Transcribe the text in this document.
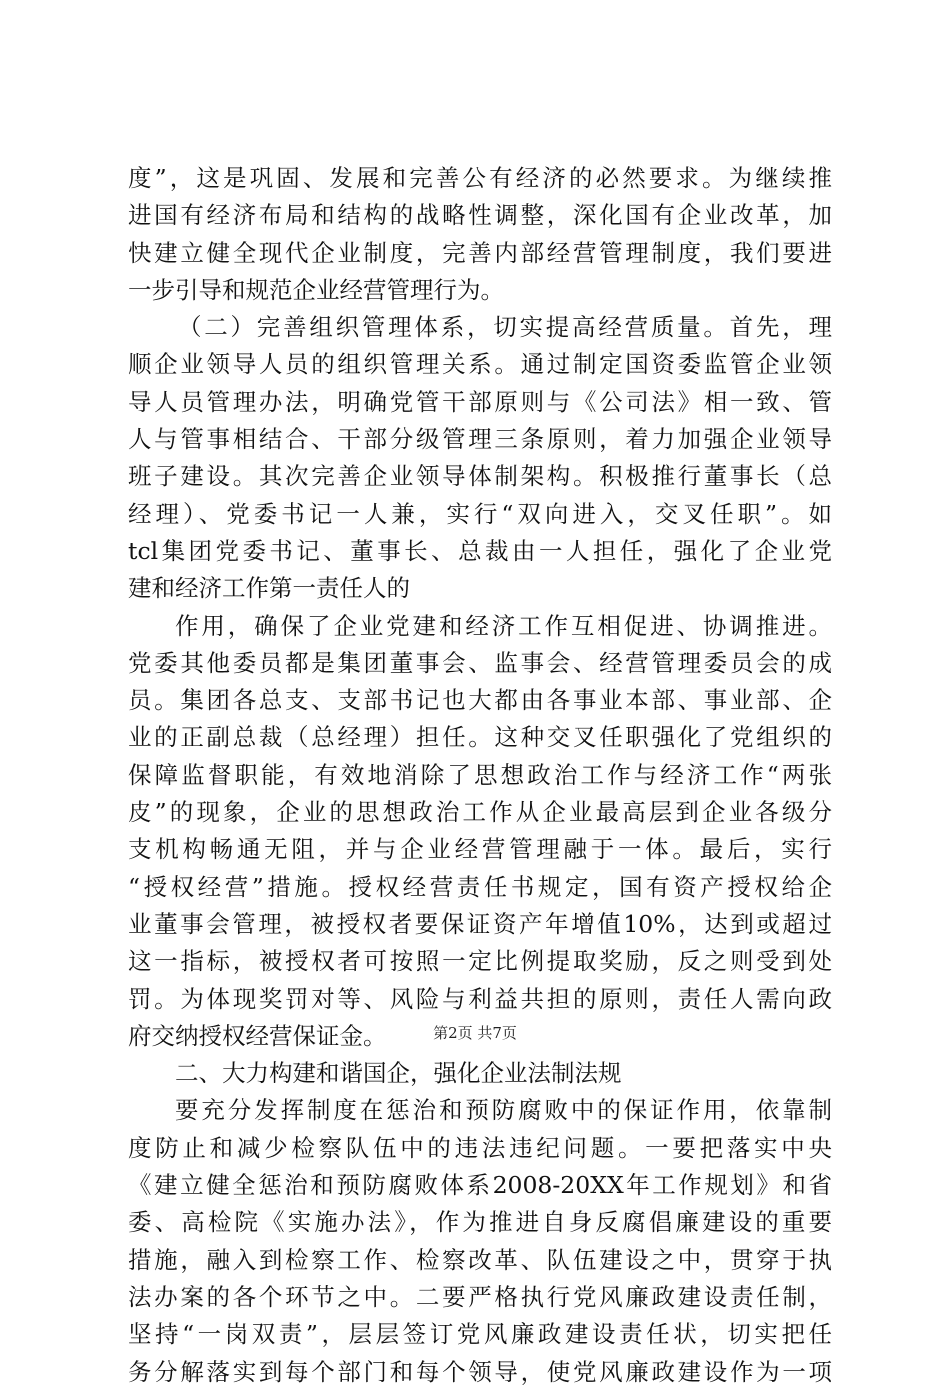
度”，这是巩固、发展和完善公有经济的必然要求。为继续推
进国有经济布局和结构的战略性调整，深化国有企业改革，加
快建立健全现代企业制度，完善内部经营管理制度，我们要进
一步引导和规范企业经营管理行为。
（二）完善组织管理体系，切实提高经营质量。首先，理
顺企业领导人员的组织管理关系。通过制定国资委监管企业领
导人员管理办法，明确党管干部原则与《公司法》相一致、管
人与管事相结合、干部分级管理三条原则，着力加强企业领导
班子建设。其次完善企业领导体制架构。积极推行董事长（总
经理）、党委书记一人兼，实行“双向进入，交叉任职”。如
tcl集团党委书记、董事长、总裁由一人担任，强化了企业党
建和经济工作第一责任人的
作用，确保了企业党建和经济工作互相促进、协调推进。
党委其他委员都是集团董事会、监事会、经营管理委员会的成
员。集团各总支、支部书记也大都由各事业本部、事业部、企
业的正副总裁（总经理）担任。这种交叉任职强化了党组织的
保障监督职能，有效地消除了思想政治工作与经济工作“两张
皮”的现象，企业的思想政治工作从企业最高层到企业各级分
支机构畅通无阻，并与企业经营管理融于一体。最后，实行
“授权经营”措施。授权经营责任书规定，国有资产授权给企
业董事会管理，被授权者要保证资产年增值10%，达到或超过
这一指标，被授权者可按照一定比例提取奖励，反之则受到处
罚。为体现奖罚对等、风险与利益共担的原则，责任人需向政
府交纳授权经营保证金。
二、大力构建和谐国企，强化企业法制法规
要充分发挥制度在惩治和预防腐败中的保证作用，依靠制
度防止和减少检察队伍中的违法违纪问题。一要把落实中央
《建立健全惩治和预防腐败体系2008-20XX年工作规划》和省
委、高检院《实施办法》，作为推进自身反腐倡廉建设的重要
措施，融入到检察工作、检察改革、队伍建设之中，贯穿于执
法办案的各个环节之中。二要严格执行党风廉政建设责任制，
坚持“一岗双责”，层层签订党风廉政建设责任状，切实把任
务分解落实到每个部门和每个领导，使党风廉政建设作为一项
第2页 共7页
